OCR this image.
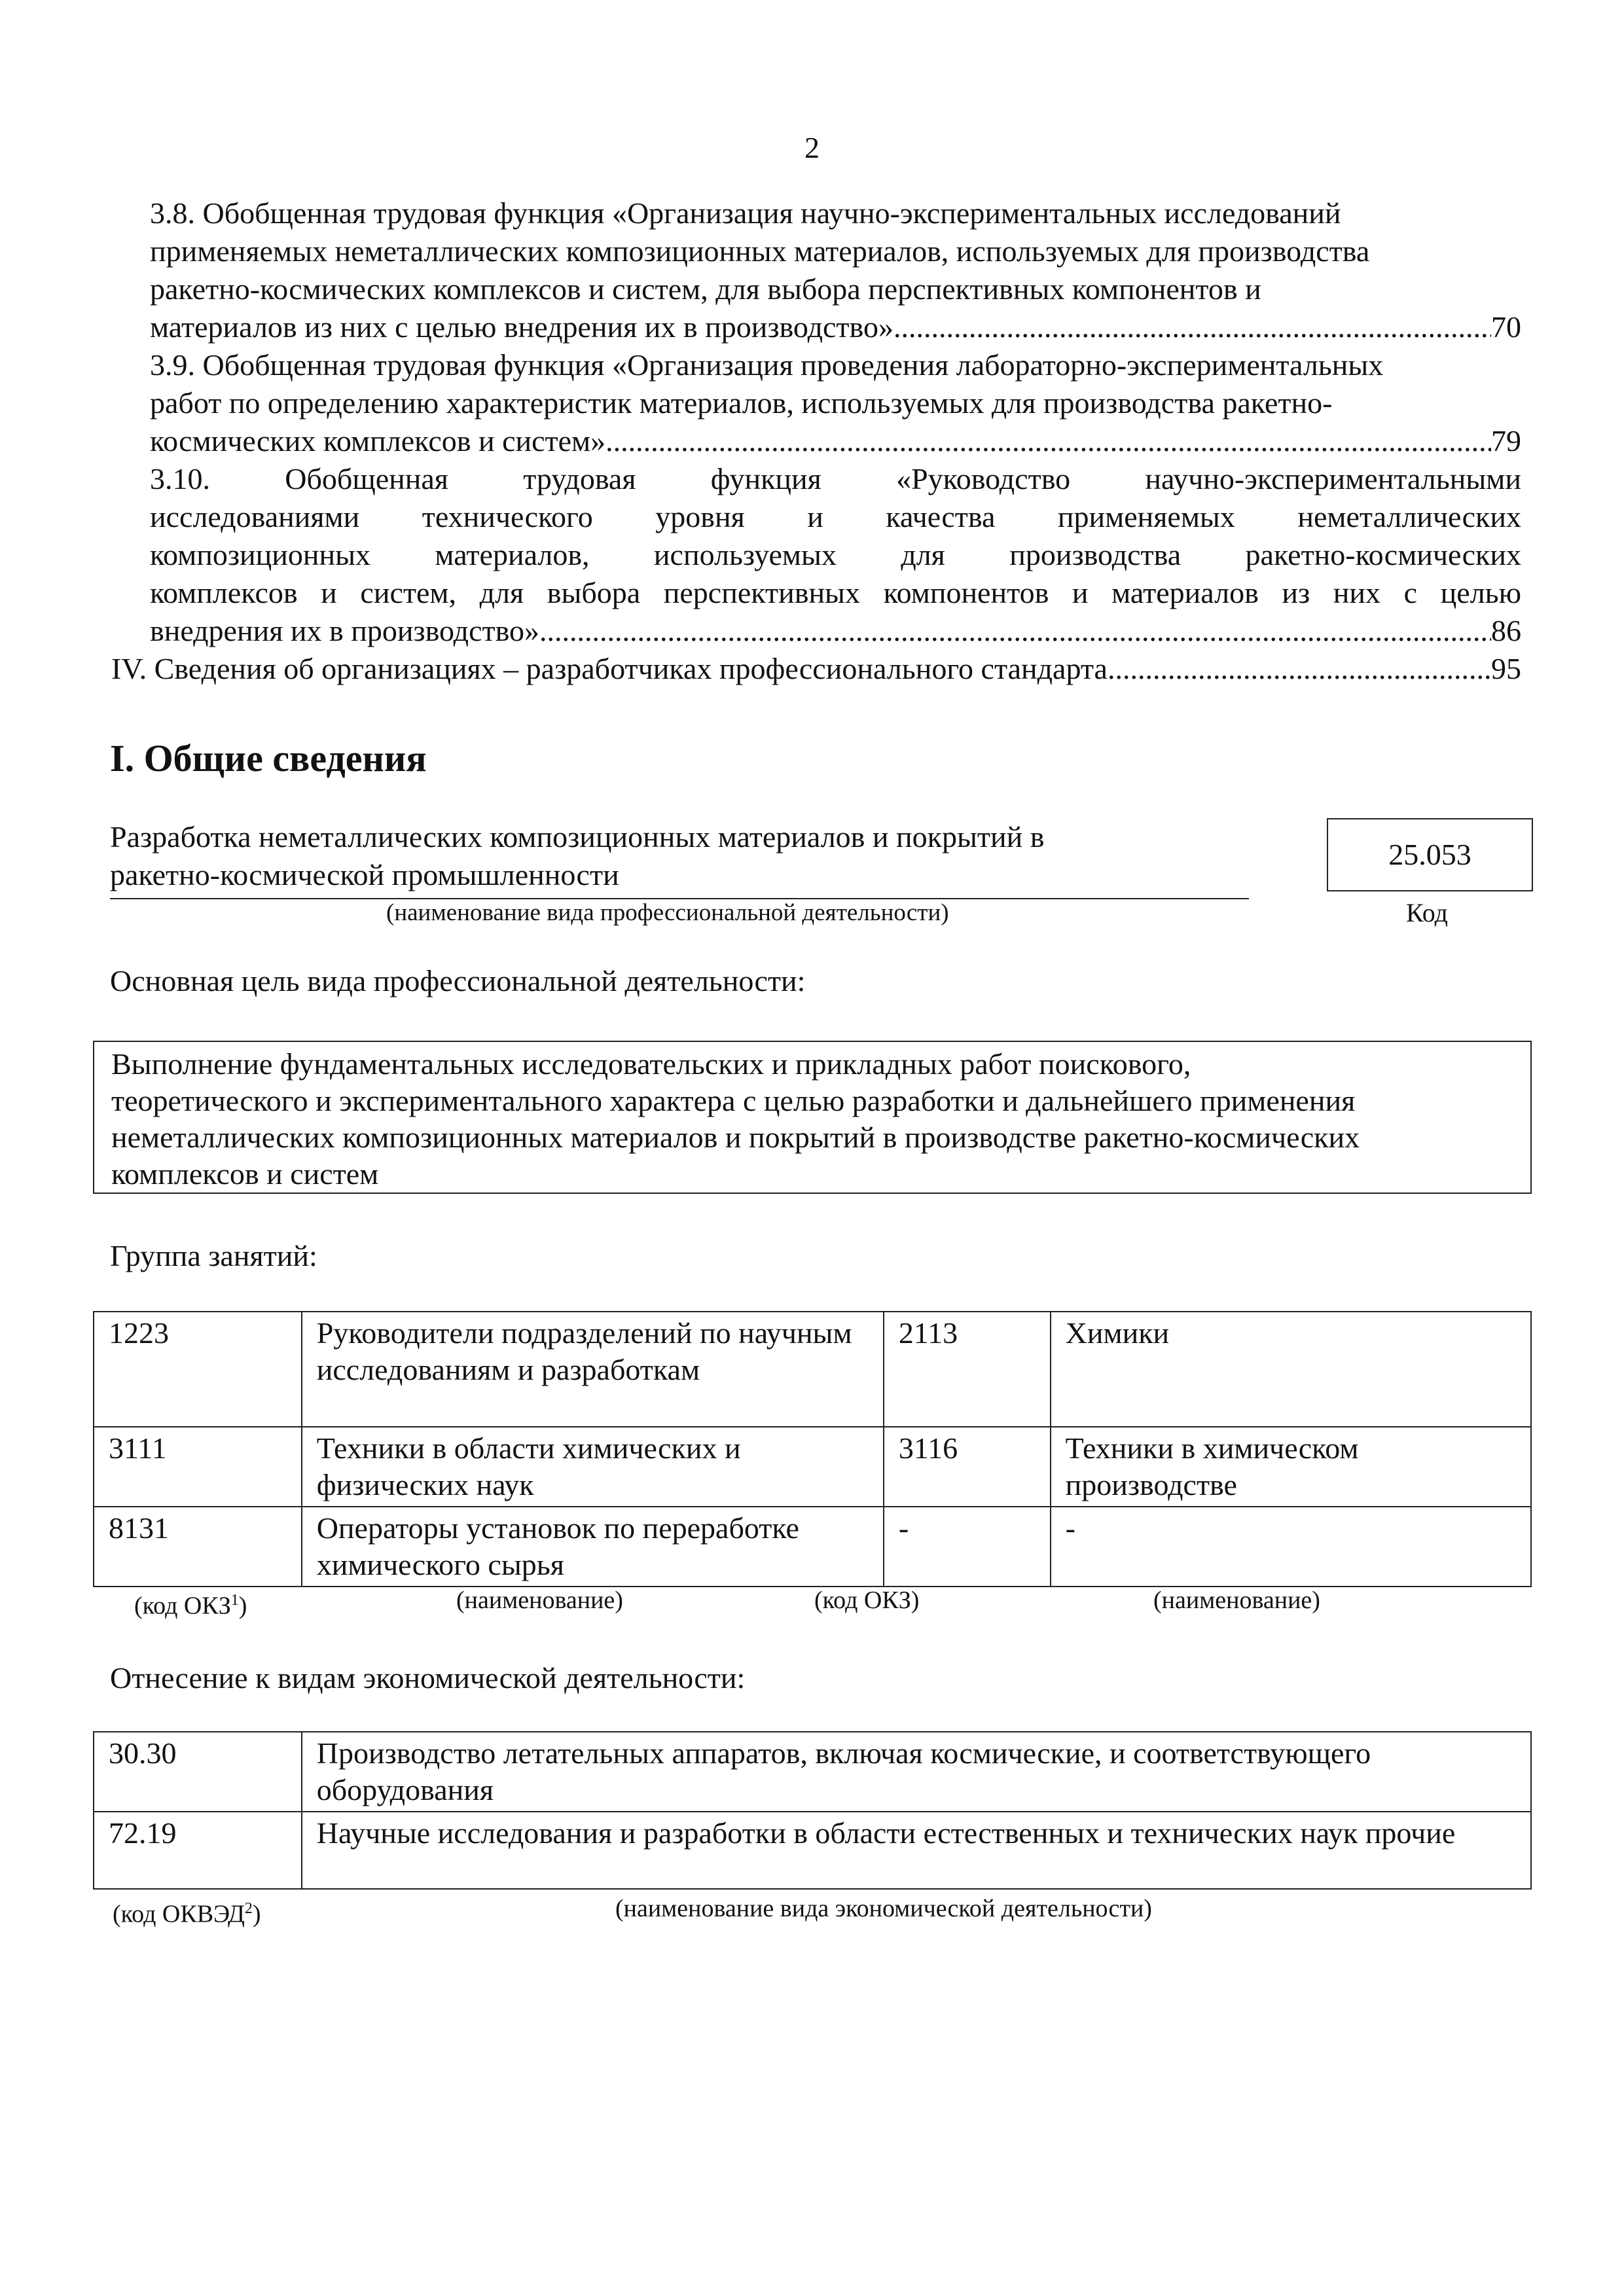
2
3.8. Обобщенная трудовая функция «Организация научно-экспериментальных исследований
применяемых неметаллических композиционных материалов, используемых для производства
ракетно-космических комплексов и систем, для выбора перспективных компонентов и
материалов из них с целью внедрения их в производство» .....	70
3.9. Обобщенная трудовая функция «Организация проведения лабораторно-экспериментальных
работ по определению характеристик материалов, используемых для производства ракетно-
космических комплексов и систем» .....	79
3.10. Обобщенная трудовая функция «Руководство научно-экспериментальными
исследованиями технического уровня и качества применяемых неметаллических
композиционных материалов, используемых для производства ракетно-космических
комплексов и систем, для выбора перспективных компонентов и материалов из них с целью
внедрения их в производство» .....	86
IV. Сведения об организациях – разработчиках профессионального стандарта .....	95
I. Общие сведения
Разработка неметаллических композиционных материалов и покрытий в
ракетно-космической промышленности
(наименование вида профессиональной деятельности)
25.053
Код
Основная цель вида профессиональной деятельности:
Выполнение фундаментальных исследовательских и прикладных работ поискового,
теоретического и экспериментального характера с целью разработки и дальнейшего применения
неметаллических композиционных материалов и покрытий в производстве ракетно-космических
комплексов и систем
Группа занятий:
1223	Руководители подразделений по научным исследованиям и разработкам	2113	Химики
3111	Техники в области химических и физических наук	3116	Техники в химическом производстве
8131	Операторы установок по переработке химического сырья	-	-
(код ОКЗ$^1$)	(наименование)	(код ОКЗ)	(наименование)
Отнесение к видам экономической деятельности:
30.30	Производство летательных аппаратов, включая космические, и соответствующего оборудования
72.19	Научные исследования и разработки в области естественных и технических наук прочие
(код ОКВЭД$^2$)	(наименование вида экономической деятельности)
